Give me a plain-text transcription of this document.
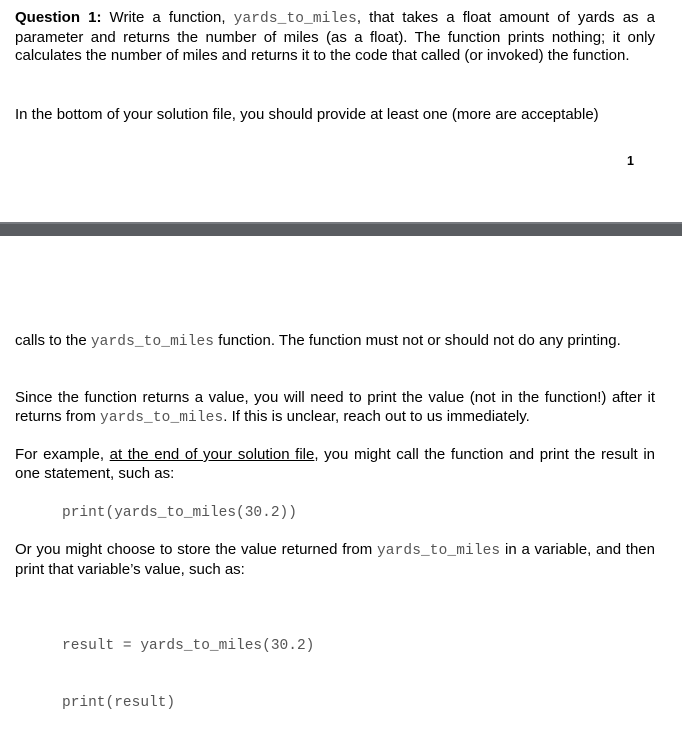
Question 1: Write a function, yards_to_miles, that takes a float amount of yards as a parameter and returns the number of miles (as a float). The function prints nothing; it only calculates the number of miles and returns it to the code that called (or invoked) the function.

In the bottom of your solution file, you should provide at least one (more are acceptable)

1

calls to the yards_to_miles function. The function must not or should not do any printing.

Since the function returns a value, you will need to print the value (not in the function!) after it returns from yards_to_miles. If this is unclear, reach out to us immediately.

For example, at the end of your solution file, you might call the function and print the result in one statement, such as:

print(yards_to_miles(30.2))

Or you might choose to store the value returned from yards_to_miles in a variable, and then print that variable’s value, such as:

result = yards_to_miles(30.2)

print(result)
